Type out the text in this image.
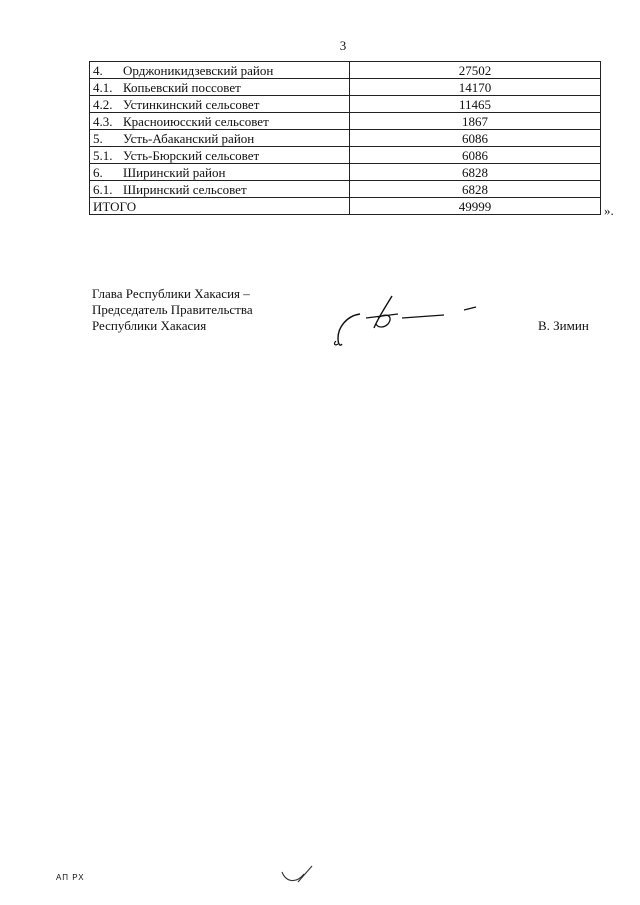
3
4. Орджоникидзевский район	27502
4.1. Копьевский поссовет	14170
4.2. Устинкинский сельсовет	11465
4.3. Красноиюсский сельсовет	1867
5. Усть-Абаканский район	6086
5.1. Усть-Бюрский сельсовет	6086
6. Ширинский район	6828
6.1. Ширинский сельсовет	6828
ИТОГО	49999	».
Глава Республики Хакасия –
Председатель Правительства
Республики Хакасия	В. Зимин
АП РХ
